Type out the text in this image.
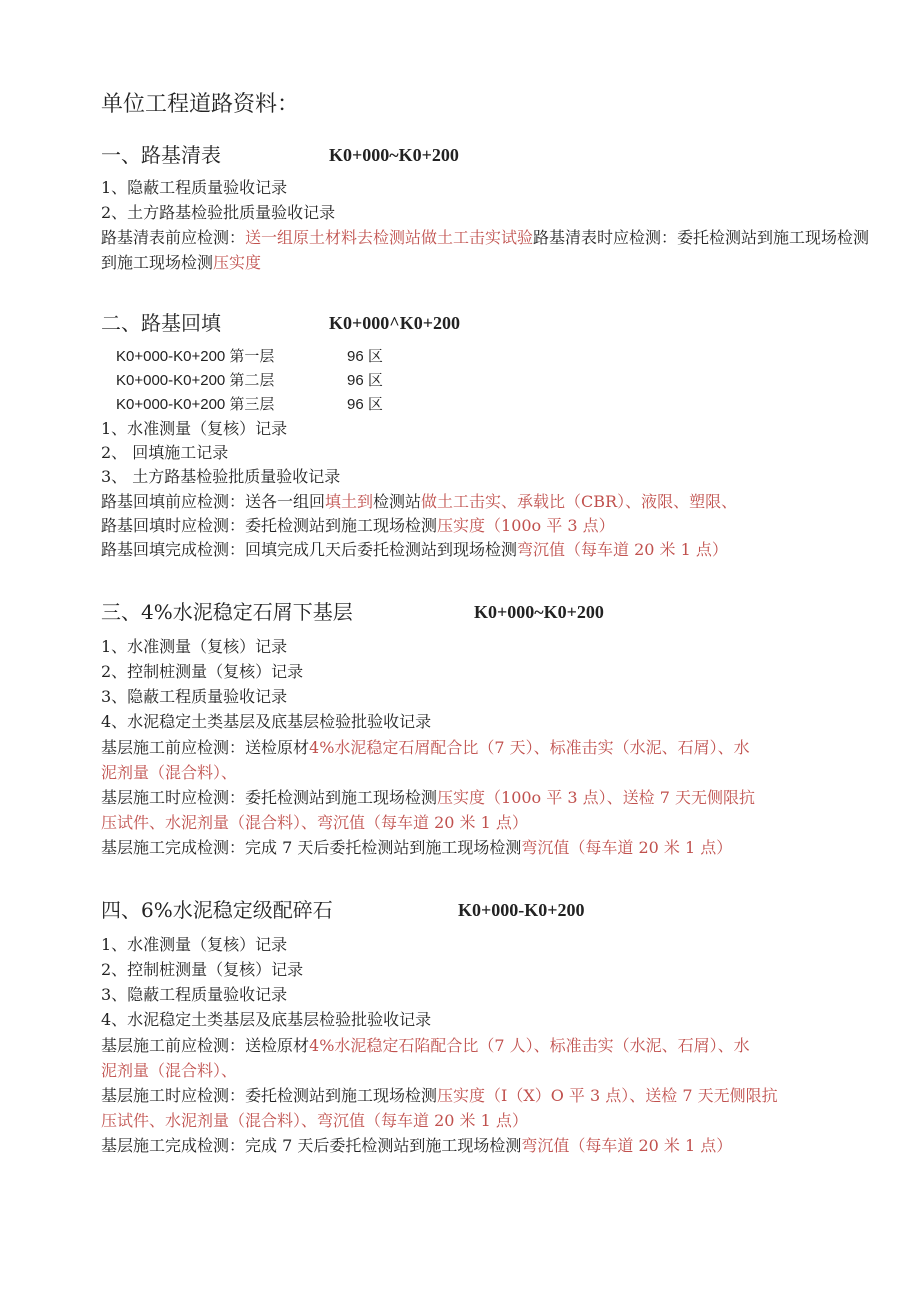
单位工程道路资料：
一、路基清表	K0+000~K0+200
1、隐蔽工程质量验收记录
2、土方路基检验批质量验收记录
路基清表前应检测：送一组原土材料去检测站做土工击实试验路基清表时应检测：委托检测站到施工现场检测
到施工现场检测压实度
二、路基回填	K0+000^K0+200
K0+000-K0+200 第一层	96 区
K0+000-K0+200 第二层	96 区
K0+000-K0+200 第三层	96 区
1、水准测量（复核）记录
2、 回填施工记录
3、 土方路基检验批质量验收记录
路基回填前应检测：送各一组回填土到检测站做土工击实、承载比（CBR）、液限、塑限、
路基回填时应检测：委托检测站到施工现场检测压实度（100o 平 3 点）
路基回填完成检测：回填完成几天后委托检测站到现场检测弯沉值（每车道 20 米 1 点）
三、4%水泥稳定石屑下基层	K0+000~K0+200
1、水准测量（复核）记录
2、控制桩测量（复核）记录
3、隐蔽工程质量验收记录
4、水泥稳定土类基层及底基层检验批验收记录
基层施工前应检测：送检原材4%水泥稳定石屑配合比（7 天）、标准击实（水泥、石屑）、水
泥剂量（混合料）、
基层施工时应检测：委托检测站到施工现场检测压实度（100o 平 3 点）、送检 7 天无侧限抗
压试件、水泥剂量（混合料）、弯沉值（每车道 20 米 1 点）
基层施工完成检测：完成 7 天后委托检测站到施工现场检测弯沉值（每车道 20 米 1 点）
四、6%水泥稳定级配碎石	K0+000-K0+200
1、水准测量（复核）记录
2、控制桩测量（复核）记录
3、隐蔽工程质量验收记录
4、水泥稳定土类基层及底基层检验批验收记录
基层施工前应检测：送检原材4%水泥稳定石陷配合比（7 人）、标准击实（水泥、石屑）、水
泥剂量（混合料）、
基层施工时应检测：委托检测站到施工现场检测压实度（I（X）O 平 3 点）、送检 7 天无侧限抗
压试件、水泥剂量（混合料）、弯沉值（每车道 20 米 1 点）
基层施工完成检测：完成 7 天后委托检测站到施工现场检测弯沉值（每车道 20 米 1 点）
